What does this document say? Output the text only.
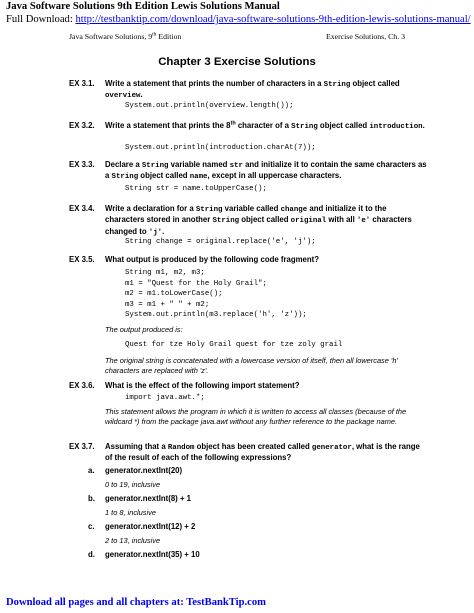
Java Software Solutions 9th Edition Lewis Solutions Manual
Full Download: http://testbanktip.com/download/java-software-solutions-9th-edition-lewis-solutions-manual/
Java Software Solutions, 9th Edition	Exercise Solutions, Ch. 3
Chapter 3 Exercise Solutions
EX 3.1. Write a statement that prints the number of characters in a String object called overview.
System.out.println(overview.length());
EX 3.2. Write a statement that prints the 8th character of a String object called introduction.
System.out.println(introduction.charAt(7));
EX 3.3. Declare a String variable named str and initialize it to contain the same characters as a String object called name, except in all uppercase characters.
String str = name.toUpperCase();
EX 3.4. Write a declaration for a String variable called change and initialize it to the characters stored in another String object called original with all 'e' characters changed to 'j'.
String change = original.replace('e', 'j');
EX 3.5. What output is produced by the following code fragment?
String m1, m2, m3;
m1 = "Quest for the Holy Grail";
m2 = m1.toLowerCase();
m3 = m1 + " " + m2;
System.out.println(m3.replace('h', 'z'));
The output produced is:
Quest for tze Holy Grail quest for tze zoly grail
The original string is concatenated with a lowercase version of itself, then all lowercase 'h' characters are replaced with 'z'.
EX 3.6. What is the effect of the following import statement?
import java.awt.*;
This statement allows the program in which it is written to access all classes (because of the wildcard *) from the package java.awt without any further reference to the package name.
EX 3.7. Assuming that a Random object has been created called generator, what is the range of the result of each of the following expressions?
a. generator.nextInt(20)
0 to 19, inclusive
b. generator.nextInt(8) + 1
1 to 8, inclusive
c. generator.nextInt(12) + 2
2 to 13, inclusive
d. generator.nextInt(35) + 10
Download all pages and all chapters at: TestBankTip.com
